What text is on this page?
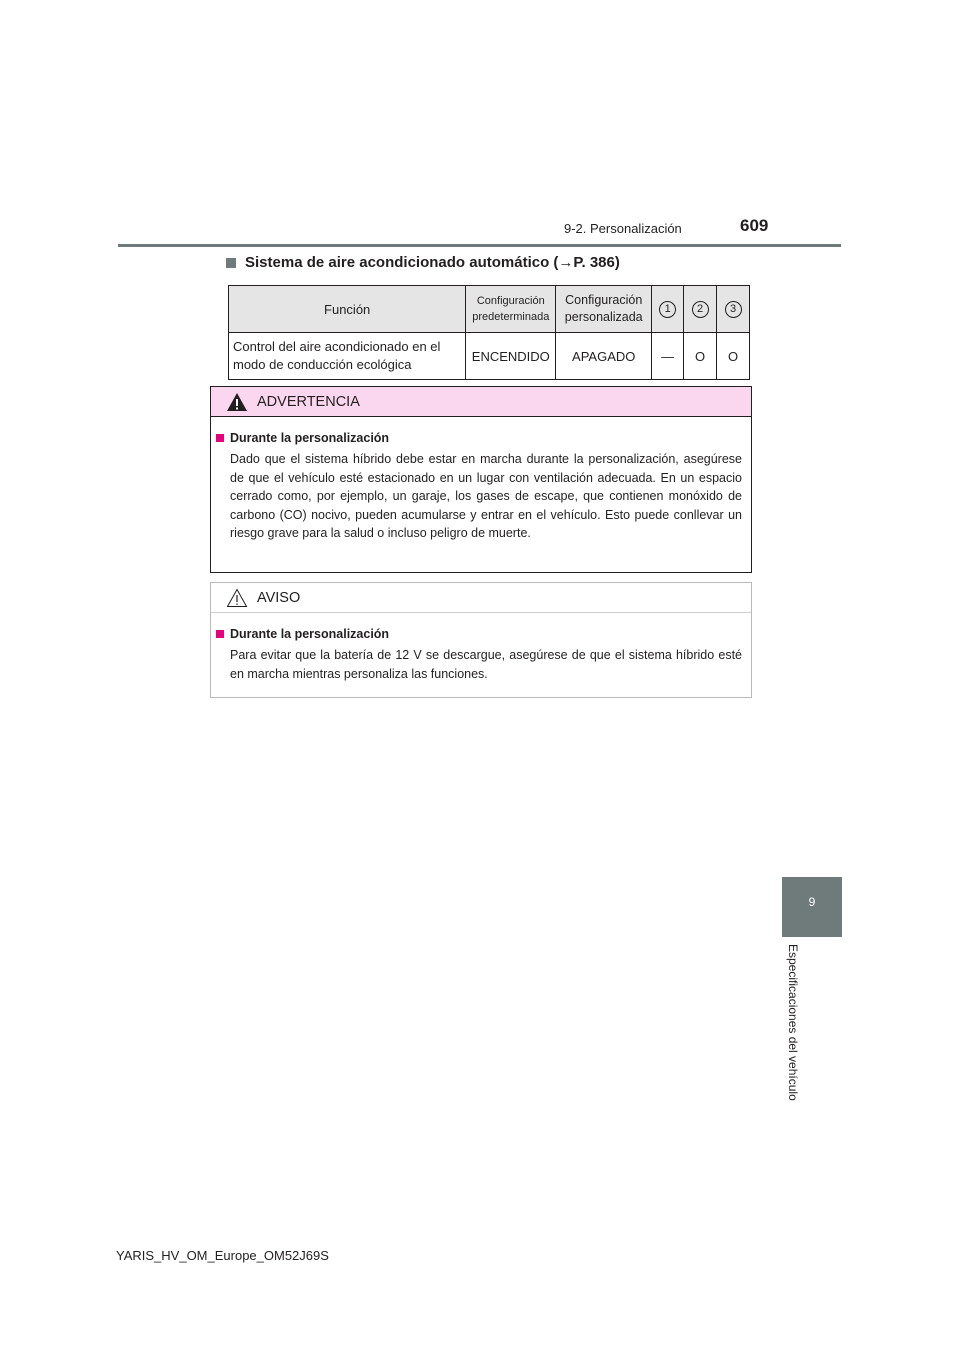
9-2. Personalización	609
9
Especificaciones del vehículo
Sistema de aire acondicionado automático (→P. 386)
Función	Configuración predeterminada	Configuración personalizada	1	2	3
Control del aire acondicionado en el modo de conducción ecológica	ENCENDIDO	APAGADO	—	O	O
ADVERTENCIA
Durante la personalización
Dado que el sistema híbrido debe estar en marcha durante la personalización, asegúrese de que el vehículo esté estacionado en un lugar con ventilación adecuada. En un espacio cerrado como, por ejemplo, un garaje, los gases de escape, que contienen monóxido de carbono (CO) nocivo, pueden acumularse y entrar en el vehículo. Esto puede conllevar un riesgo grave para la salud o incluso peligro de muerte.
AVISO
Durante la personalización
Para evitar que la batería de 12 V se descargue, asegúrese de que el sistema híbrido esté en marcha mientras personaliza las funciones.
YARIS_HV_OM_Europe_OM52J69S
